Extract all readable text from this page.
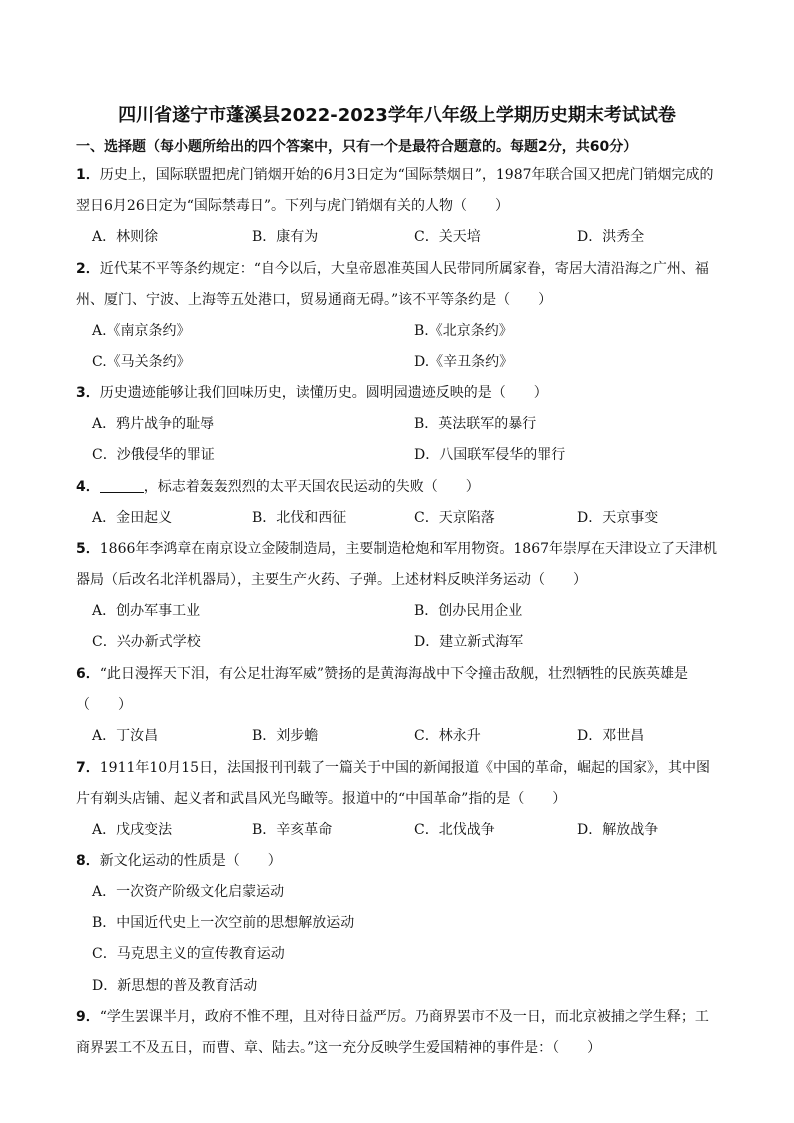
四川省遂宁市蓬溪县2022-2023学年八年级上学期历史期末考试试卷
一、选择题（每小题所给出的四个答案中，只有一个是最符合题意的。每题2分，共60分）
1．历史上，国际联盟把虎门销烟开始的6月3日定为“国际禁烟日”，1987年联合国又把虎门销烟完成的
翌日6月26日定为“国际禁毒日”。下列与虎门销烟有关的人物（　　）
A．林则徐	B．康有为	C．关天培	D．洪秀全
2．近代某不平等条约规定：“自今以后，大皇帝恩准英国人民带同所属家眷，寄居大清沿海之广州、福
州、厦门、宁波、上海等五处港口，贸易通商无碍。”该不平等条约是（　　）
A.《南京条约》	B.《北京条约》
C.《马关条约》	D.《辛丑条约》
3．历史遗迹能够让我们回味历史，读懂历史。圆明园遗迹反映的是（　　）
A．鸦片战争的耻辱	B．英法联军的暴行
C．沙俄侵华的罪证	D．八国联军侵华的罪行
4．	，标志着轰轰烈烈的太平天国农民运动的失败（　　）
A．金田起义	B．北伐和西征	C．天京陷落	D．天京事变
5．1866年李鸿章在南京设立金陵制造局，主要制造枪炮和军用物资。1867年崇厚在天津设立了天津机
器局（后改名北洋机器局），主要生产火药、子弹。上述材料反映洋务运动（　　）
A．创办军事工业	B．创办民用企业
C．兴办新式学校	D．建立新式海军
6．“此日漫挥天下泪，有公足壮海军威”赞扬的是黄海海战中下令撞击敌舰，壮烈牺牲的民族英雄是
（　　）
A．丁汝昌	B．刘步蟾	C．林永升	D．邓世昌
7．1911年10月15日，法国报刊刊载了一篇关于中国的新闻报道《中国的革命，崛起的国家》，其中图
片有剃头店铺、起义者和武昌风光鸟瞰等。报道中的“中国革命”指的是（　　）
A．戊戌变法	B．辛亥革命	C．北伐战争	D．解放战争
8．新文化运动的性质是（　　）
A．一次资产阶级文化启蒙运动
B．中国近代史上一次空前的思想解放运动
C．马克思主义的宣传教育运动
D．新思想的普及教育活动
9．“学生罢课半月，政府不惟不理，且对待日益严厉。乃商界罢市不及一日，而北京被捕之学生释；工
商界罢工不及五日，而曹、章、陆去。”这一充分反映学生爱国精神的事件是：（　　）
